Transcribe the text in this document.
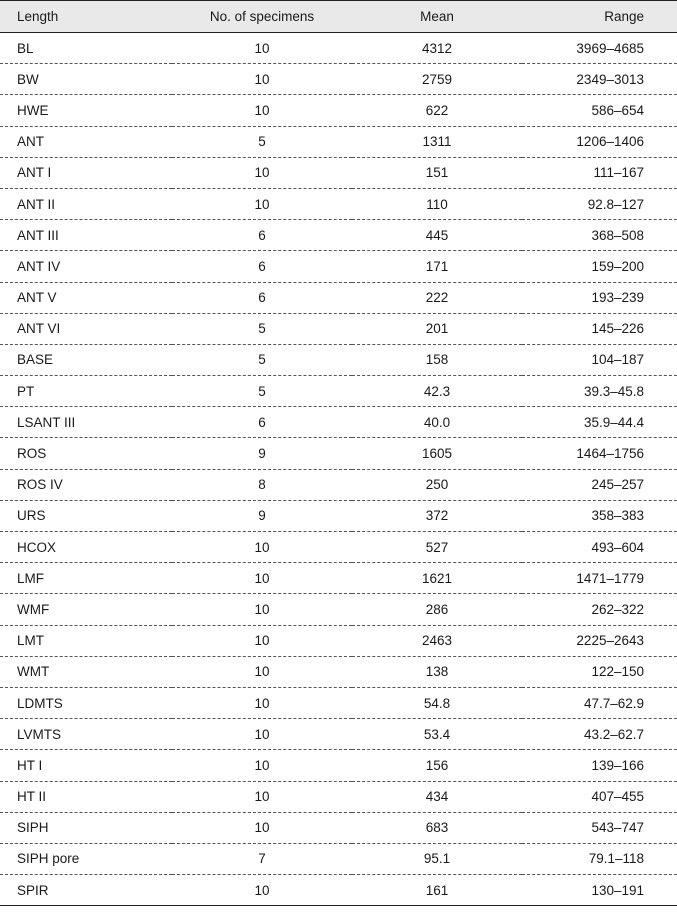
Length	No. of specimens	Mean	Range
BL	10	4312	3969–4685
BW	10	2759	2349–3013
HWE	10	622	586–654
ANT	5	1311	1206–1406
ANT I	10	151	111–167
ANT II	10	110	92.8–127
ANT III	6	445	368–508
ANT IV	6	171	159–200
ANT V	6	222	193–239
ANT VI	5	201	145–226
BASE	5	158	104–187
PT	5	42.3	39.3–45.8
LSANT III	6	40.0	35.9–44.4
ROS	9	1605	1464–1756
ROS IV	8	250	245–257
URS	9	372	358–383
HCOX	10	527	493–604
LMF	10	1621	1471–1779
WMF	10	286	262–322
LMT	10	2463	2225–2643
WMT	10	138	122–150
LDMTS	10	54.8	47.7–62.9
LVMTS	10	53.4	43.2–62.7
HT I	10	156	139–166
HT II	10	434	407–455
SIPH	10	683	543–747
SIPH pore	7	95.1	79.1–118
SPIR	10	161	130–191
